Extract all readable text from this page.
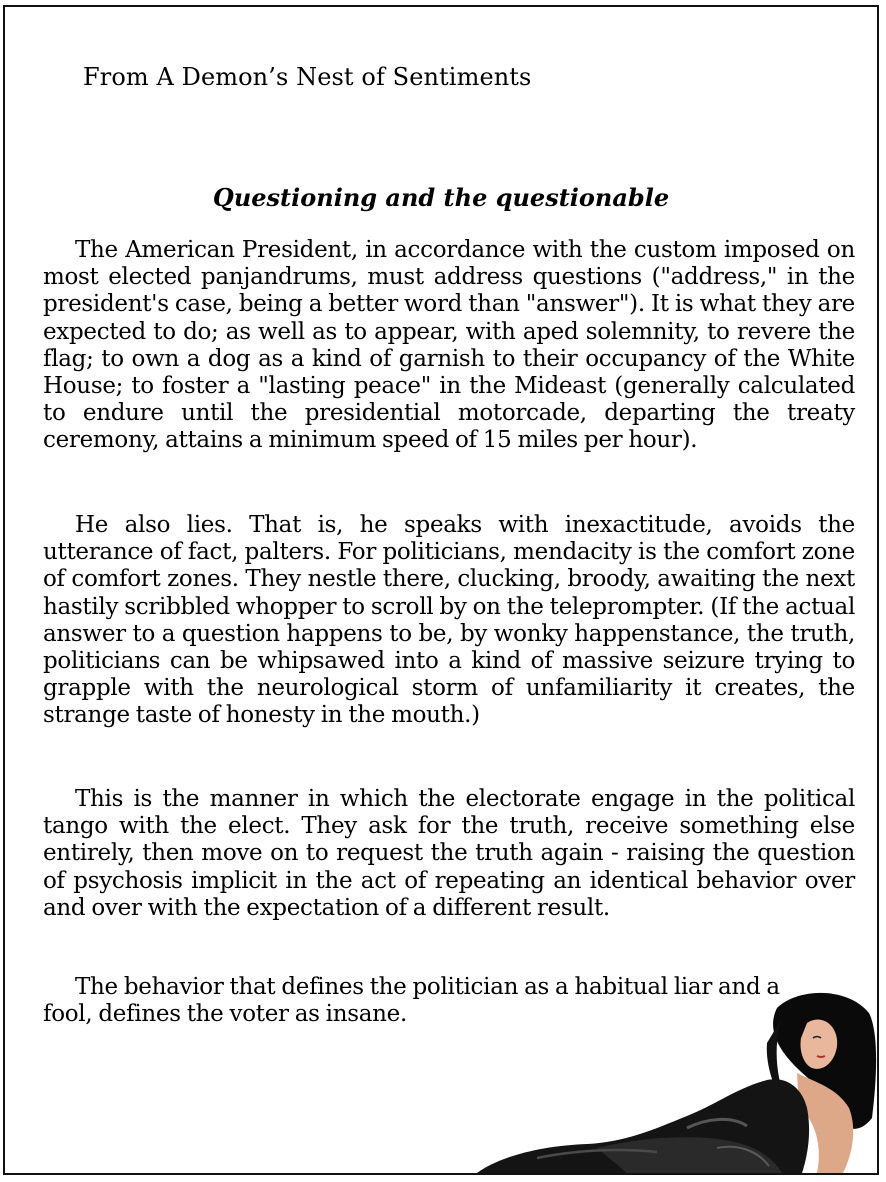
From A Demon’s Nest of Sentiments
Questioning and the questionable

The American President, in accordance with the custom imposed on most elected panjandrums, must address questions ("address," in the president's case, being a better word than "answer"). It is what they are expected to do; as well as to appear, with aped solemnity, to revere the flag; to own a dog as a kind of garnish to their occupancy of the White House; to foster a "lasting peace" in the Mideast (generally calculated to endure until the presidential motorcade, departing the treaty ceremony, attains a minimum speed of 15 miles per hour).

He also lies. That is, he speaks with inexactitude, avoids the utterance of fact, palters. For politicians, mendacity is the comfort zone of comfort zones. They nestle there, clucking, broody, awaiting the next hastily scribbled whopper to scroll by on the teleprompter. (If the actual answer to a question happens to be, by wonky happenstance, the truth, politicians can be whipsawed into a kind of massive seizure trying to grapple with the neurological storm of unfamiliarity it creates, the strange taste of honesty in the mouth.)

This is the manner in which the electorate engage in the political tango with the elect. They ask for the truth, receive something else entirely, then move on to request the truth again - raising the question of psychosis implicit in the act of repeating an identical behavior over and over with the expectation of a different result.

The behavior that defines the politician as a habitual liar and a fool, defines the voter as insane.
